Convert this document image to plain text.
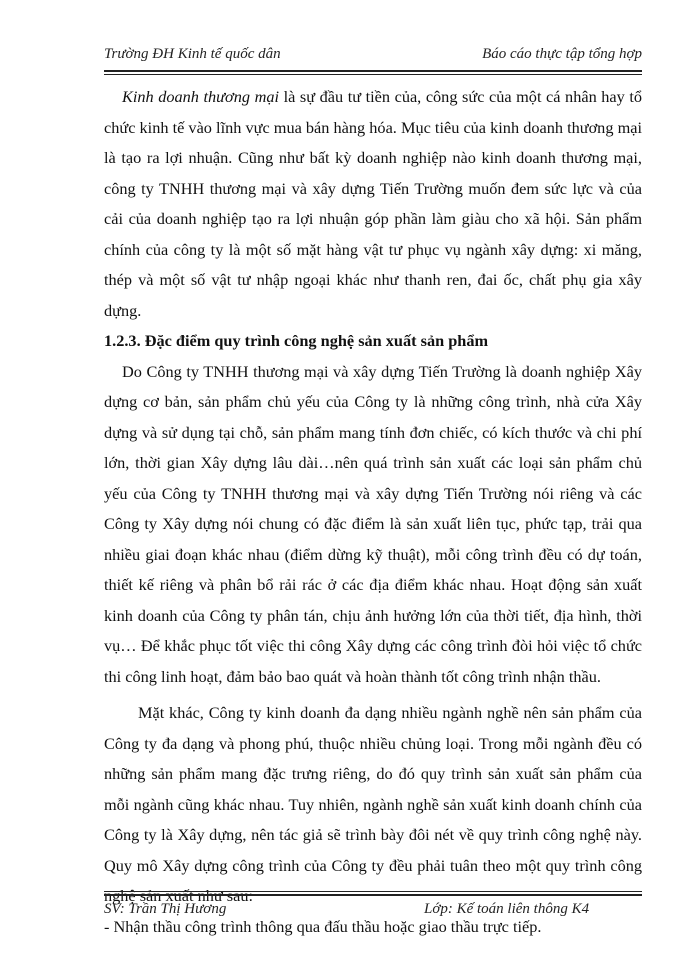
Trường ĐH Kinh tế quốc dân	Báo cáo thực tập tổng hợp

Kinh doanh thương mại là sự đầu tư tiền của, công sức của một cá nhân hay tổ chức kinh tế vào lĩnh vực mua bán hàng hóa. Mục tiêu của kinh doanh thương mại là tạo ra lợi nhuận. Cũng như bất kỳ doanh nghiệp nào kinh doanh thương mại, công ty TNHH thương mại và xây dựng Tiến Trường muốn đem sức lực và của cải của doanh nghiệp tạo ra lợi nhuận góp phần làm giàu cho xã hội. Sản phẩm chính của công ty là một số mặt hàng vật tư phục vụ ngành xây dựng: xi măng, thép và một số vật tư nhập ngoại khác như thanh ren, đai ốc, chất phụ gia xây dựng.

1.2.3. Đặc điểm quy trình công nghệ sản xuất sản phẩm

Do Công ty TNHH thương mại và xây dựng Tiến Trường là doanh nghiệp Xây dựng cơ bản, sản phẩm chủ yếu của Công ty là những công trình, nhà cửa Xây dựng và sử dụng tại chỗ, sản phẩm mang tính đơn chiếc, có kích thước và chi phí lớn, thời gian Xây dựng lâu dài…nên quá trình sản xuất các loại sản phẩm chủ yếu của Công ty TNHH thương mại và xây dựng Tiến Trường nói riêng và các Công ty Xây dựng nói chung có đặc điểm là sản xuất liên tục, phức tạp, trải qua nhiều giai đoạn khác nhau (điểm dừng kỹ thuật), mỗi công trình đều có dự toán, thiết kế riêng và phân bổ rải rác ở các địa điểm khác nhau. Hoạt động sản xuất kinh doanh của Công ty phân tán, chịu ảnh hưởng lớn của thời tiết, địa hình, thời vụ… Để khắc phục tốt việc thi công Xây dựng các công trình đòi hỏi việc tổ chức thi công linh hoạt, đảm bảo bao quát và hoàn thành tốt công trình nhận thầu.

Mặt khác, Công ty kinh doanh đa dạng nhiều ngành nghề nên sản phẩm của Công ty đa dạng và phong phú, thuộc nhiều chủng loại. Trong mỗi ngành đều có những sản phẩm mang đặc trưng riêng, do đó quy trình sản xuất sản phẩm của mỗi ngành cũng khác nhau. Tuy nhiên, ngành nghề sản xuất kinh doanh chính của Công ty là Xây dựng, nên tác giả sẽ trình bày đôi nét về quy trình công nghệ này. Quy mô Xây dựng công trình của Công ty đều phải tuân theo một quy trình công

- Nhận thầu công trình thông qua đấu thầu hoặc giao thầu trực tiếp.

SV: Trần Thị Hương	Lớp: Kế toán liên thông K4
